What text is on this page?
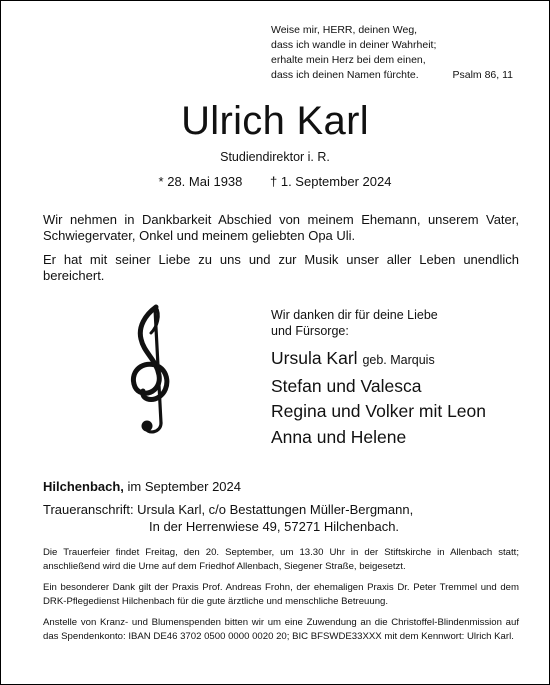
Weise mir, HERR, deinen Weg,
dass ich wandle in deiner Wahrheit;
erhalte mein Herz bei dem einen,
dass ich deinen Namen fürchte.	Psalm 86, 11
Ulrich Karl
Studiendirektor i. R.
* 28. Mai 1938 † 1. September 2024
Wir nehmen in Dankbarkeit Abschied von meinem Ehemann, unserem Vater, Schwiegervater, Onkel und meinem geliebten Opa Uli.
Er hat mit seiner Liebe zu uns und zur Musik unser aller Leben unendlich bereichert.
Wir danken dir für deine Liebe
und Fürsorge:
Ursula Karl geb. Marquis
Stefan und Valesca
Regina und Volker mit Leon
Anna und Helene
Hilchenbach, im September 2024
Traueranschrift: Ursula Karl, c/o Bestattungen Müller-Bergmann,
In der Herrenwiese 49, 57271 Hilchenbach.
Die Trauerfeier findet Freitag, den 20. September, um 13.30 Uhr in der Stiftskirche in Allenbach statt; anschließend wird die Urne auf dem Friedhof Allenbach, Siegener Straße, beigesetzt.
Ein besonderer Dank gilt der Praxis Prof. Andreas Frohn, der ehemaligen Praxis Dr. Peter Tremmel und dem DRK-Pflegedienst Hilchenbach für die gute ärztliche und menschliche Betreuung.
Anstelle von Kranz- und Blumenspenden bitten wir um eine Zuwendung an die Christoffel-Blindenmission auf das Spendenkonto: IBAN DE46 3702 0500 0000 0020 20; BIC BFSWDE33XXX mit dem Kennwort: Ulrich Karl.
